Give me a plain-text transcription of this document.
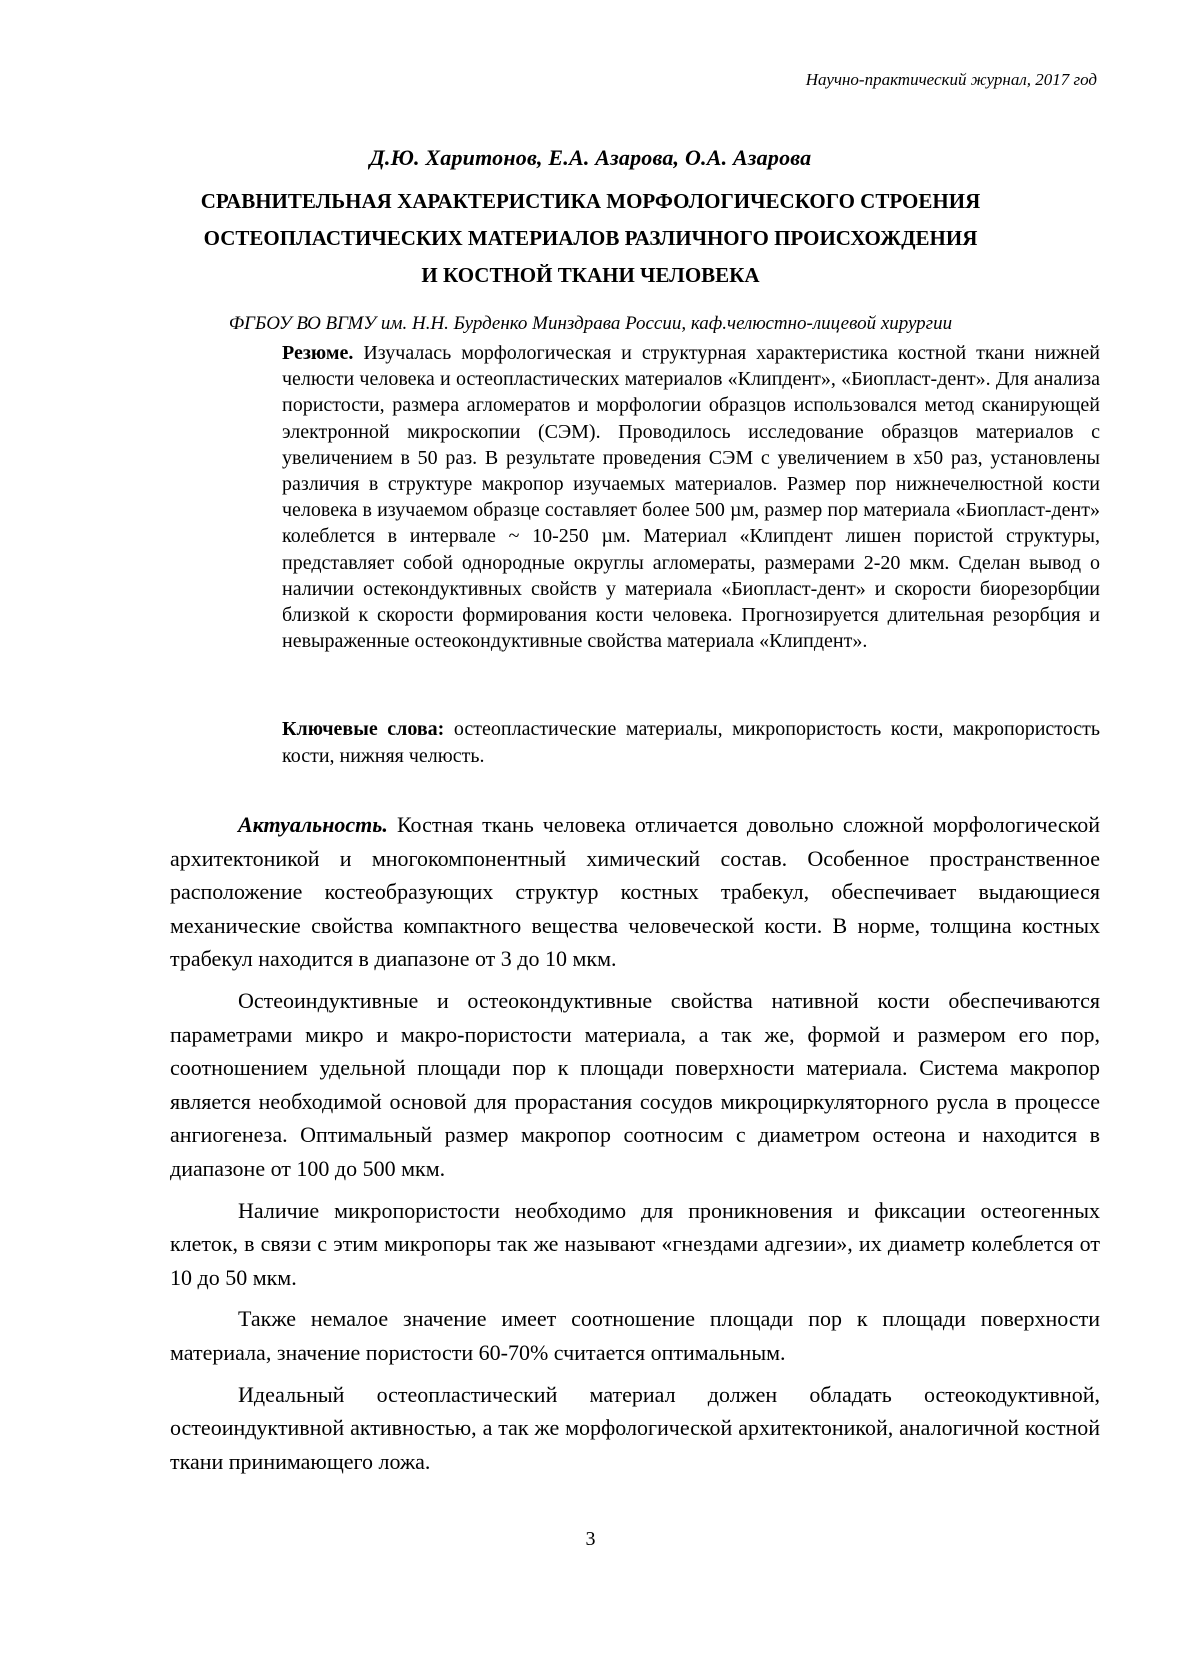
Научно-практический журнал, 2017 год
Д.Ю. Харитонов, Е.А. Азарова, О.А. Азарова
СРАВНИТЕЛЬНАЯ ХАРАКТЕРИСТИКА МОРФОЛОГИЧЕСКОГО СТРОЕНИЯ
ОСТЕОПЛАСТИЧЕСКИХ МАТЕРИАЛОВ РАЗЛИЧНОГО ПРОИСХОЖДЕНИЯ
И КОСТНОЙ ТКАНИ ЧЕЛОВЕКА
ФГБОУ ВО ВГМУ им. Н.Н. Бурденко Минздрава России, каф.челюстно-лицевой хирургии
Резюме. Изучалась морфологическая и структурная характеристика костной ткани нижней челюсти человека и остеопластических материалов «Клипдент», «Биопласт-дент». Для анализа пористости, размера агломератов и морфологии образцов использовался метод сканирующей электронной микроскопии (СЭМ). Проводилось исследование образцов материалов с увеличением в 50 раз. В результате проведения СЭМ с увеличением в х50 раз, установлены различия в структуре макропор изучаемых материалов. Размер пор нижнечелюстной кости человека в изучаемом образце составляет более 500 µм, размер пор материала «Биопласт-дент» колеблется в интервале ~ 10-250 µм. Материал «Клипдент лишен пористой структуры, представляет собой однородные округлы агломераты, размерами 2-20 мкм. Сделан вывод о наличии остекондуктивных свойств у материала «Биопласт-дент» и скорости биорезорбции близкой к скорости формирования кости человека. Прогнозируется длительная резорбция и невыраженные остеокондуктивные свойства материала «Клипдент».
Ключевые слова: остеопластические материалы, микропористость кости, макропористость кости, нижняя челюсть.

Актуальность. Костная ткань человека отличается довольно сложной морфологической архитектоникой и многокомпонентный химический состав. Особенное пространственное расположение костеобразующих структур костных трабекул, обеспечивает выдающиеся механические свойства компактного вещества человеческой кости. В норме, толщина костных трабекул находится в диапазоне от 3 до 10 мкм.

Остеоиндуктивные и остеокондуктивные свойства нативной кости обеспечиваются параметрами микро и макро-пористости материала, а так же, формой и размером его пор, соотношением удельной площади пор к площади поверхности материала. Система макропор является необходимой основой для прорастания сосудов микроциркуляторного русла в процессе ангиогенеза. Оптимальный размер макропор соотносим с диаметром остеона и находится в диапазоне от 100 до 500 мкм.

Наличие микропористости необходимо для проникновения и фиксации остеогенных клеток, в связи с этим микропоры так же называют «гнездами адгезии», их диаметр колеблется от 10 до 50 мкм.

Также немалое значение имеет соотношение площади пор к площади поверхности материала, значение пористости 60-70% считается оптимальным.

Идеальный остеопластический материал должен обладать остеокодуктивной, остеоиндуктивной активностью, а так же морфологической архитектоникой, аналогичной костной ткани принимающего ложа.

3
